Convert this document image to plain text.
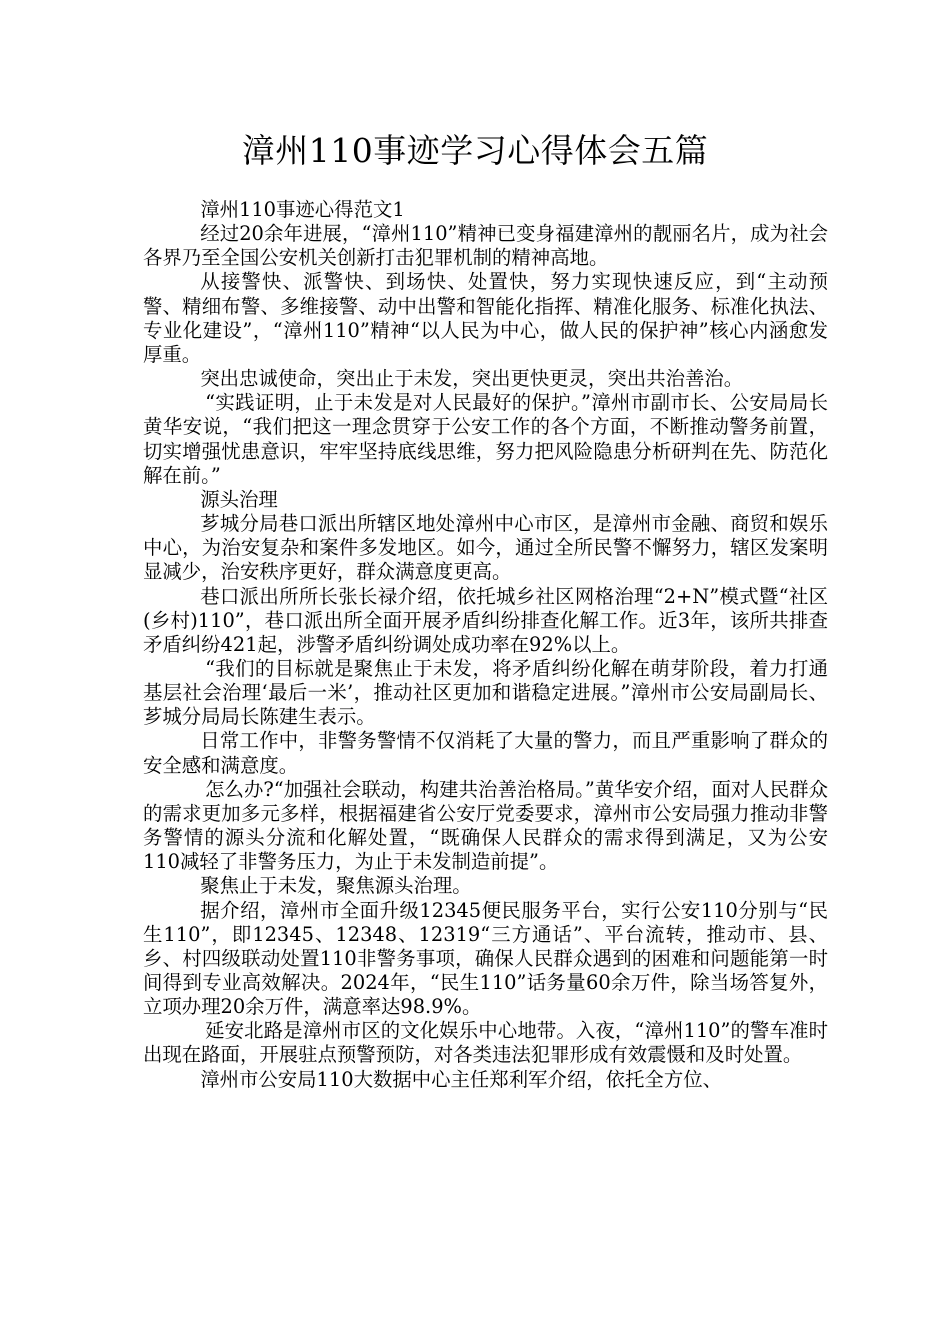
漳州110事迹学习心得体会五篇

漳州110事迹心得范文1

经过20余年进展，“漳州110”精神已变身福建漳州的靓丽名片，成为社会各界乃至全国公安机关创新打击犯罪机制的精神高地。

从接警快、派警快、到场快、处置快，努力实现快速反应，到“主动预警、精细布警、多维接警、动中出警和智能化指挥、精准化服务、标准化执法、专业化建设”，“漳州110”精神“以人民为中心，做人民的保护神”核心内涵愈发厚重。

突出忠诚使命，突出止于未发，突出更快更灵，突出共治善治。

“实践证明，止于未发是对人民最好的保护。”漳州市副市长、公安局局长黄华安说，“我们把这一理念贯穿于公安工作的各个方面，不断推动警务前置，切实增强忧患意识，牢牢坚持底线思维，努力把风险隐患分析研判在先、防范化解在前。”

源头治理

芗城分局巷口派出所辖区地处漳州中心市区，是漳州市金融、商贸和娱乐中心，为治安复杂和案件多发地区。如今，通过全所民警不懈努力，辖区发案明显减少，治安秩序更好，群众满意度更高。

巷口派出所所长张长禄介绍，依托城乡社区网格治理“2+N”模式暨“社区(乡村)110”，巷口派出所全面开展矛盾纠纷排查化解工作。近3年，该所共排查矛盾纠纷421起，涉警矛盾纠纷调处成功率在92%以上。

“我们的目标就是聚焦止于未发，将矛盾纠纷化解在萌芽阶段，着力打通基层社会治理‘最后一米’，推动社区更加和谐稳定进展。”漳州市公安局副局长、芗城分局局长陈建生表示。

日常工作中，非警务警情不仅消耗了大量的警力，而且严重影响了群众的安全感和满意度。

怎么办?“加强社会联动，构建共治善治格局。”黄华安介绍，面对人民群众的需求更加多元多样，根据福建省公安厅党委要求，漳州市公安局强力推动非警务警情的源头分流和化解处置，“既确保人民群众的需求得到满足，又为公安110减轻了非警务压力，为止于未发制造前提”。

聚焦止于未发，聚焦源头治理。

据介绍，漳州市全面升级12345便民服务平台，实行公安110分别与“民生110”，即12345、12348、12319“三方通话”、平台流转，推动市、县、乡、村四级联动处置110非警务事项，确保人民群众遇到的困难和问题能第一时间得到专业高效解决。2024年，“民生110”话务量60余万件，除当场答复外，立项办理20余万件，满意率达98.9%。

延安北路是漳州市区的文化娱乐中心地带。入夜，“漳州110”的警车准时出现在路面，开展驻点预警预防，对各类违法犯罪形成有效震慑和及时处置。

漳州市公安局110大数据中心主任郑利军介绍，依托全方位、
